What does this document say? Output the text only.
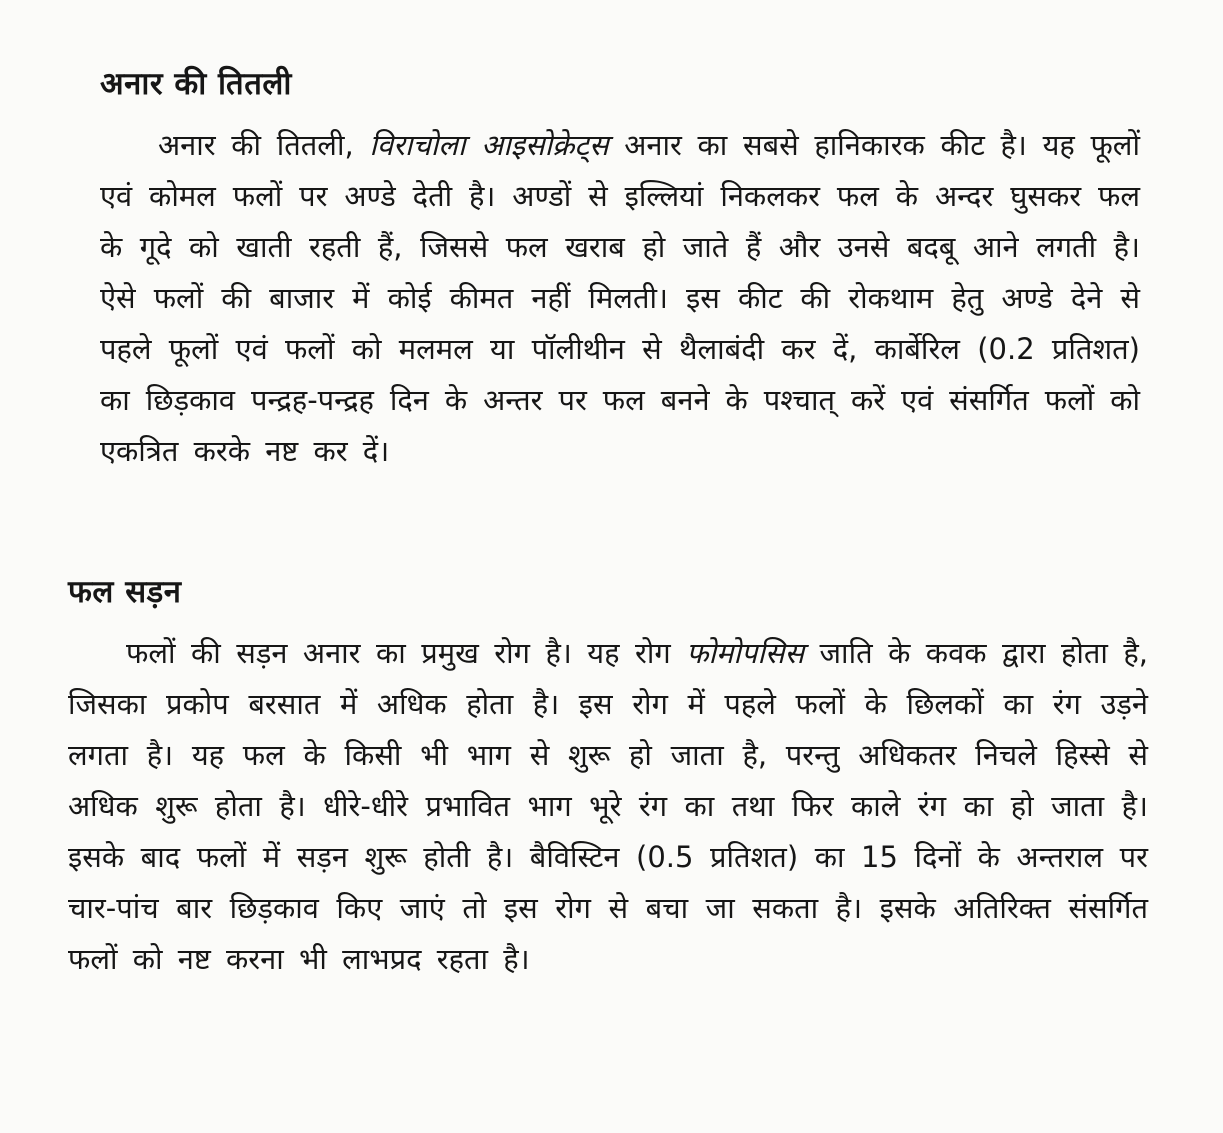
अनार की तितली

अनार की तितली, विराचोला आइसोक्रेट्स अनार का सबसे हानिकारक कीट है। यह फूलों एवं कोमल फलों पर अण्डे देती है। अण्डों से इल्लियां निकलकर फल के अन्दर घुसकर फल के गूदे को खाती रहती हैं, जिससे फल खराब हो जाते हैं और उनसे बदबू आने लगती है। ऐसे फलों की बाजार में कोई कीमत नहीं मिलती। इस कीट की रोकथाम हेतु अण्डे देने से पहले फूलों एवं फलों को मलमल या पॉलीथीन से थैलाबंदी कर दें, कार्बेरिल (0.2 प्रतिशत) का छिड़काव पन्द्रह-पन्द्रह दिन के अन्तर पर फल बनने के पश्चात् करें एवं संसर्गित फलों को एकत्रित करके नष्ट कर दें।

फल सड़न

फलों की सड़न अनार का प्रमुख रोग है। यह रोग फोमोपसिस जाति के कवक द्वारा होता है, जिसका प्रकोप बरसात में अधिक होता है। इस रोग में पहले फलों के छिलकों का रंग उड़ने लगता है। यह फल के किसी भी भाग से शुरू हो जाता है, परन्तु अधिकतर निचले हिस्से से अधिक शुरू होता है। धीरे-धीरे प्रभावित भाग भूरे रंग का तथा फिर काले रंग का हो जाता है। इसके बाद फलों में सड़न शुरू होती है। बैविस्टिन (0.5 प्रतिशत) का 15 दिनों के अन्तराल पर चार-पांच बार छिड़काव किए जाएं तो इस रोग से बचा जा सकता है। इसके अतिरिक्त संसर्गित फलों को नष्ट करना भी लाभप्रद रहता है।
